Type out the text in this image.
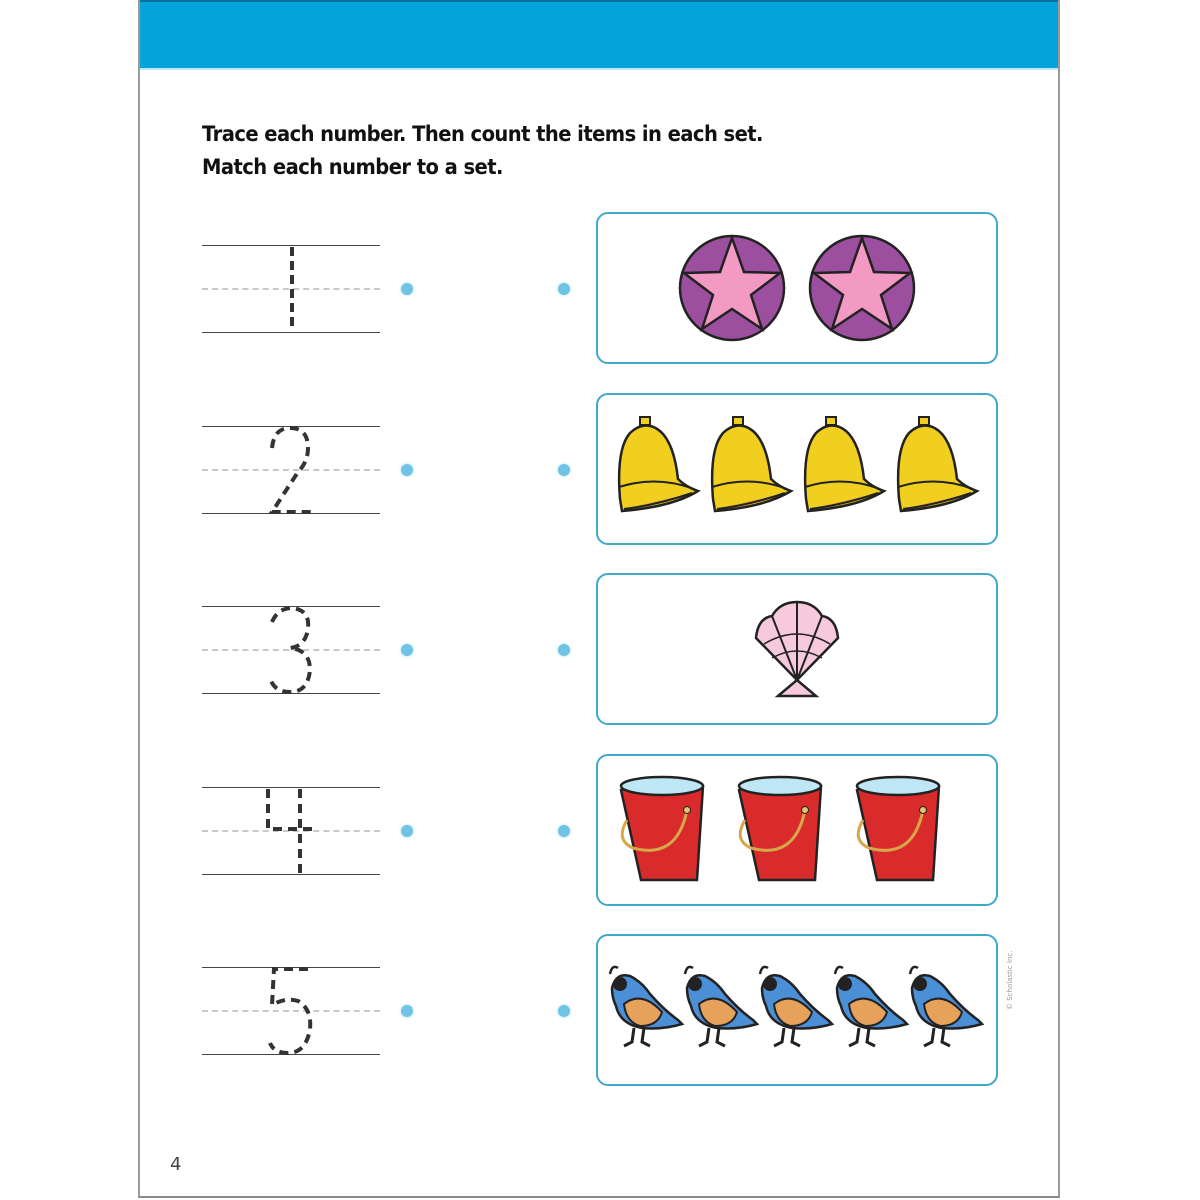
Trace each number. Then count the items in each set.
Match each number to a set.
© Scholastic Inc.
4
